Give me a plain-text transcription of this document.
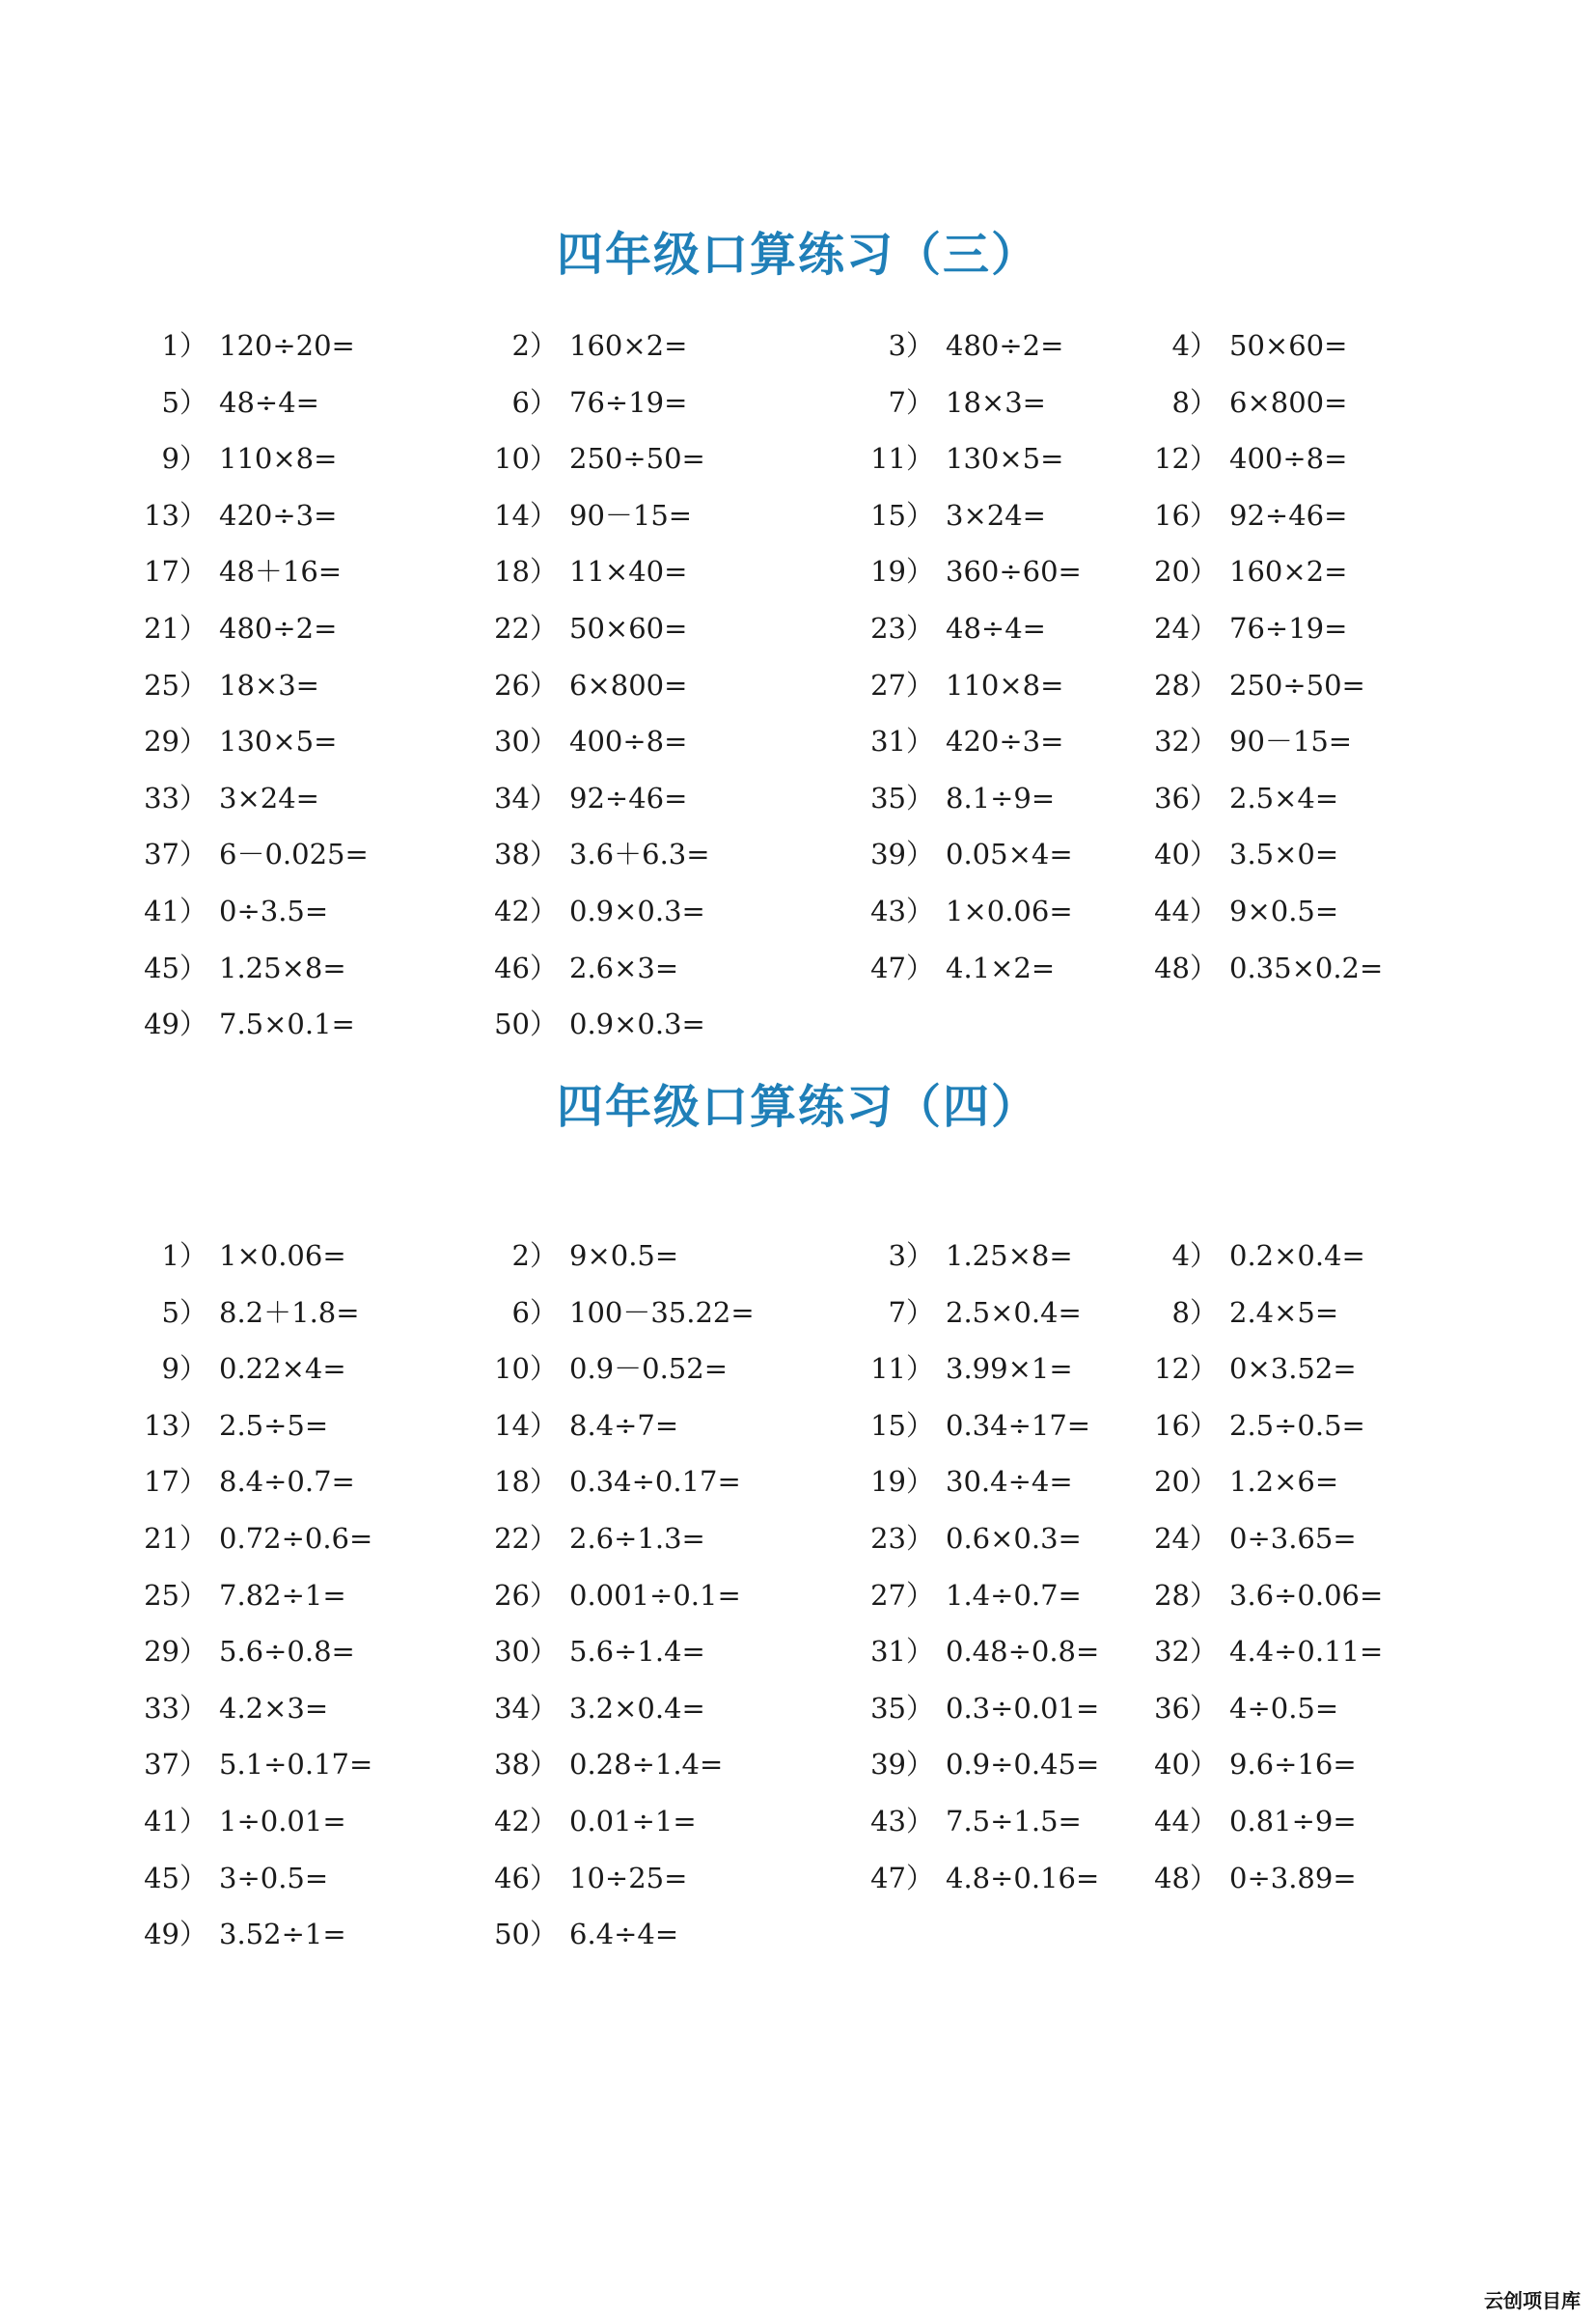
四年级口算练习（三）
1） 120÷20=	2） 160×2=	3） 480÷2=	4） 50×60=
5） 48÷4=	6） 76÷19=	7） 18×3=	8） 6×800=
9） 110×8=	10） 250÷50=	11） 130×5=	12） 400÷8=
13） 420÷3=	14） 90－15=	15） 3×24=	16） 92÷46=
17） 48＋16=	18） 11×40=	19） 360÷60=	20） 160×2=
21） 480÷2=	22） 50×60=	23） 48÷4=	24） 76÷19=
25） 18×3=	26） 6×800=	27） 110×8=	28） 250÷50=
29） 130×5=	30） 400÷8=	31） 420÷3=	32） 90－15=
33） 3×24=	34） 92÷46=	35） 8.1÷9=	36） 2.5×4=
37） 6－0.025=	38） 3.6＋6.3=	39） 0.05×4=	40） 3.5×0=
41） 0÷3.5=	42） 0.9×0.3=	43） 1×0.06=	44） 9×0.5=
45） 1.25×8=	46） 2.6×3=	47） 4.1×2=	48） 0.35×0.2=
49） 7.5×0.1=	50） 0.9×0.3=
四年级口算练习（四）
1） 1×0.06=	2） 9×0.5=	3） 1.25×8=	4） 0.2×0.4=
5） 8.2＋1.8=	6） 100－35.22=	7） 2.5×0.4=	8） 2.4×5=
9） 0.22×4=	10） 0.9－0.52=	11） 3.99×1=	12） 0×3.52=
13） 2.5÷5=	14） 8.4÷7=	15） 0.34÷17= 16） 2.5÷0.5=
17） 8.4÷0.7=	18） 0.34÷0.17=	19） 30.4÷4=	20） 1.2×6=
21） 0.72÷0.6=	22） 2.6÷1.3=	23） 0.6×0.3=	24） 0÷3.65=
25） 7.82÷1=	26） 0.001÷0.1=	27） 1.4÷0.7=	28） 3.6÷0.06=
29） 5.6÷0.8=	30） 5.6÷1.4=	31） 0.48÷0.8= 32） 4.4÷0.11=
33） 4.2×3=	34） 3.2×0.4=	35） 0.3÷0.01= 36） 4÷0.5=
37） 5.1÷0.17=	38） 0.28÷1.4=	39） 0.9÷0.45= 40） 9.6÷16=
41） 1÷0.01=	42） 0.01÷1=	43） 7.5÷1.5=	44） 0.81÷9=
45） 3÷0.5=	46） 10÷25=	47） 4.8÷0.16= 48） 0÷3.89=
49） 3.52÷1=	50） 6.4÷4=
云创项目库
